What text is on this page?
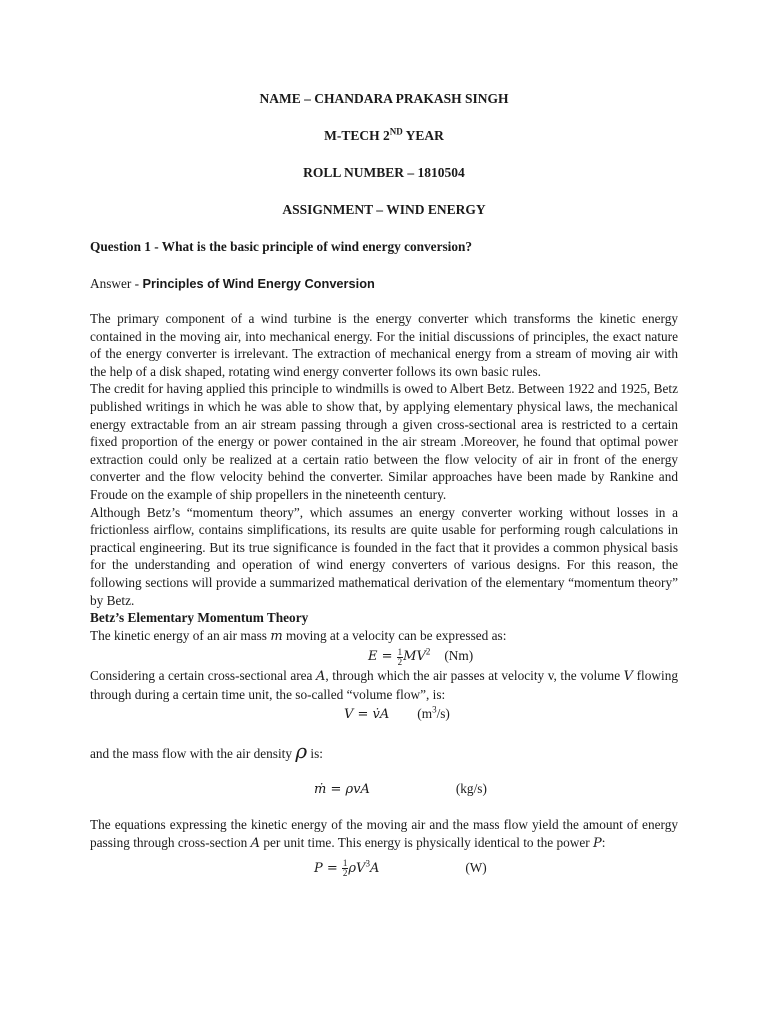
NAME – CHANDARA PRAKASH SINGH
M-TECH 2ND YEAR
ROLL NUMBER – 1810504
ASSIGNMENT – WIND ENERGY
Question 1 - What is the basic principle of wind energy conversion?
Answer - Principles of Wind Energy Conversion

The primary component of a wind turbine is the energy converter which transforms the kinetic energy contained in the moving air, into mechanical energy. For the initial discussions of principles, the exact nature of the energy converter is irrelevant. The extraction of mechanical energy from a stream of moving air with the help of a disk shaped, rotating wind energy converter follows its own basic rules.

The credit for having applied this principle to windmills is owed to Albert Betz. Between 1922 and 1925, Betz published writings in which he was able to show that, by applying elementary physical laws, the mechanical energy extractable from an air stream passing through a given cross-sectional area is restricted to a certain fixed proportion of the energy or power contained in the air stream .Moreover, he found that optimal power extraction could only be realized at a certain ratio between the flow velocity of air in front of the energy converter and the flow velocity behind the converter. Similar approaches have been made by Rankine and Froude on the example of ship propellers in the nineteenth century.

Although Betz’s “momentum theory”, which assumes an energy converter working without losses in a frictionless airflow, contains simplifications, its results are quite usable for performing rough calculations in practical engineering. But its true significance is founded in the fact that it provides a common physical basis for the understanding and operation of wind energy converters of various designs. For this reason, the following sections will provide a summarized mathematical derivation of the elementary “momentum theory” by Betz.

Betz’s Elementary Momentum Theory

The kinetic energy of an air mass m moving at a velocity can be expressed as:

$E = \frac{1}{2} MV^2$ (Nm)

Considering a certain cross-sectional area A, through which the air passes at velocity v, the volume V flowing through during a certain time unit, the so-called “volume flow”, is:

V = v̇A $(m^3/s)$
and the mass flow with the air density ρ is:
ṁ = ρvA	(kg/s)

The equations expressing the kinetic energy of the moving air and the mass flow yield the amount of energy passing through cross-section A per unit time. This energy is physically identical to the power P:

$P = \frac{1}{2} \rho V^3A$	(W)
